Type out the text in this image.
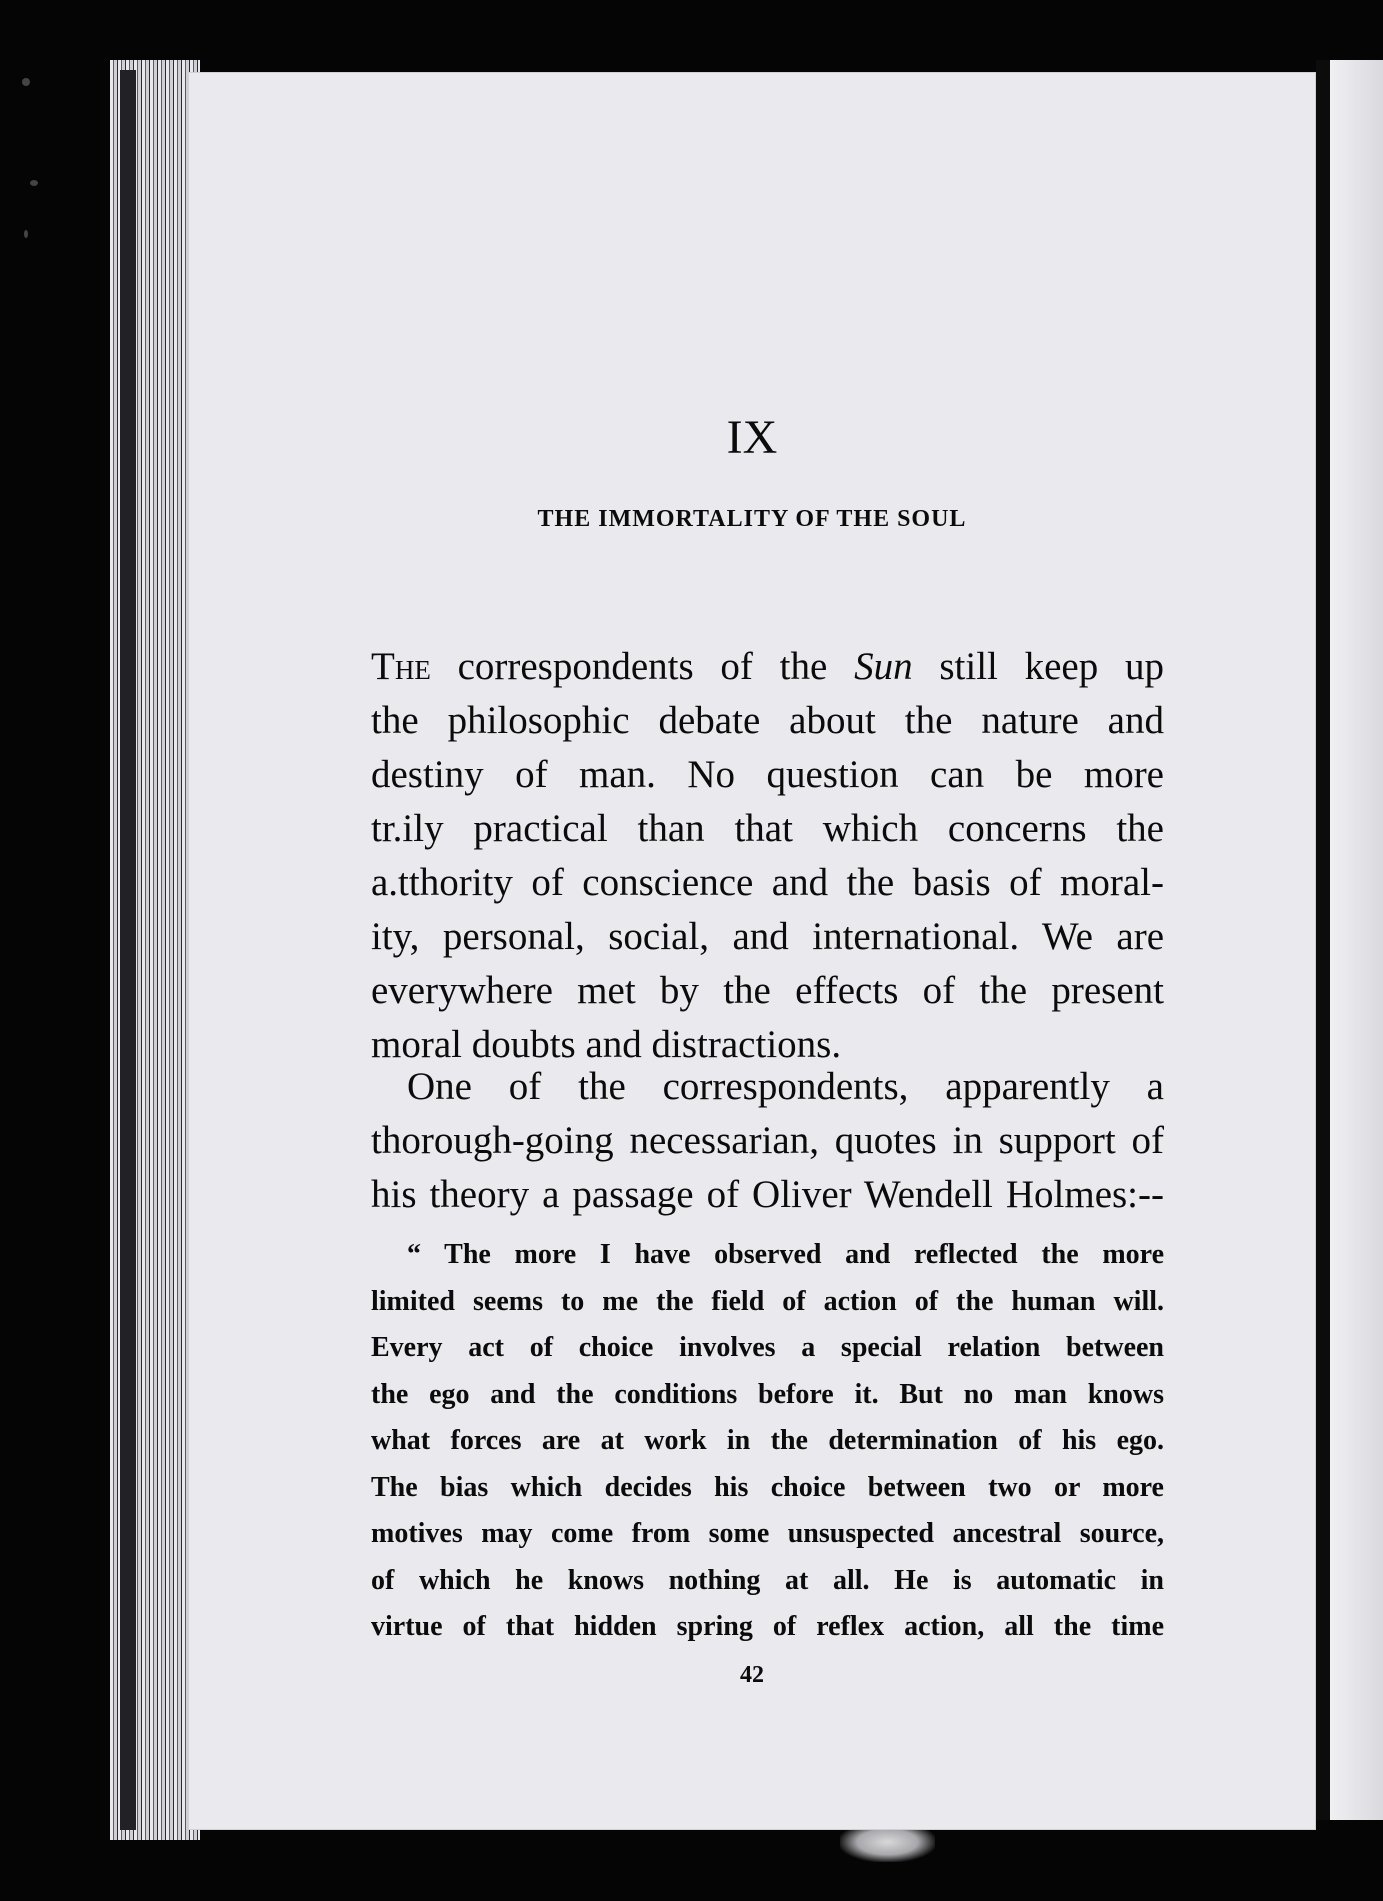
IX
THE IMMORTALITY OF THE SOUL
The correspondents of the Sun still keep up
the philosophic debate about the nature and
destiny of man. No question can be more
tr.ily practical than that which concerns the
a.tthority of conscience and the basis of moral-
ity, personal, social, and international. We are
everywhere met by the effects of the present
moral doubts and distractions.
One of the correspondents, apparently a
thorough-going necessarian, quotes in support of
his theory a passage of Oliver Wendell Holmes:--
“ The more I have observed and reflected the more
limited seems to me the field of action of the human will.
Every act of choice involves a special relation between
the ego and the conditions before it. But no man knows
what forces are at work in the determination of his ego.
The bias which decides his choice between two or more
motives may come from some unsuspected ancestral source,
of which he knows nothing at all. He is automatic in
virtue of that hidden spring of reflex action, all the time
42
